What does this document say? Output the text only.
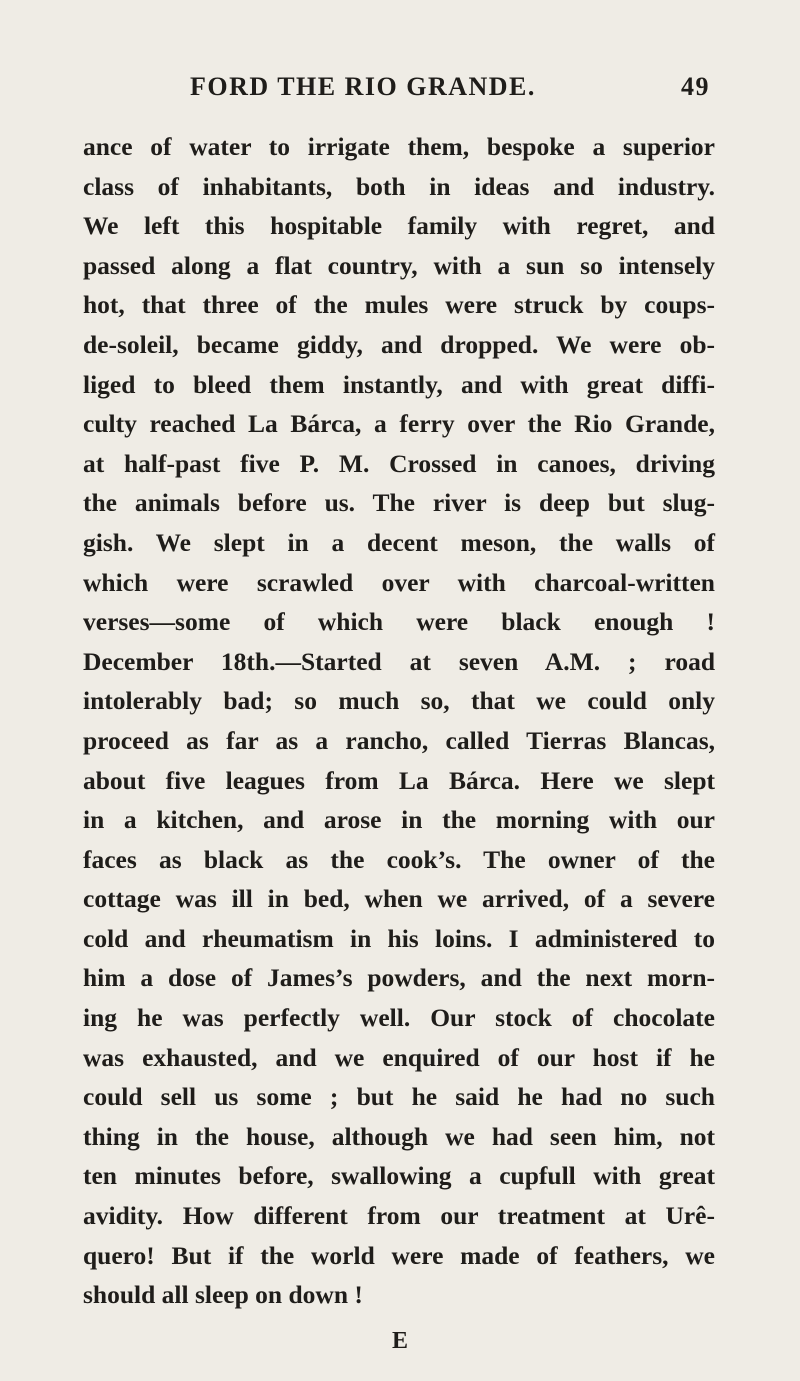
FORD THE RIO GRANDE.	49
ance of water to irrigate them, bespoke a superior
class of inhabitants, both in ideas and industry.
We left this hospitable family with regret, and
passed along a flat country, with a sun so intensely
hot, that three of the mules were struck by coups-
de-soleil, became giddy, and dropped. We were ob-
liged to bleed them instantly, and with great diffi-
culty reached La Bárca, a ferry over the Rio Grande,
at half-past five P. M. Crossed in canoes, driving
the animals before us. The river is deep but slug-
gish. We slept in a decent meson, the walls of
which were scrawled over with charcoal-written
verses—some of which were black enough !
December 18th.—Started at seven A.M. ; road
intolerably bad; so much so, that we could only
proceed as far as a rancho, called Tierras Blancas,
about five leagues from La Bárca. Here we slept
in a kitchen, and arose in the morning with our
faces as black as the cook’s. The owner of the
cottage was ill in bed, when we arrived, of a severe
cold and rheumatism in his loins. I administered to
him a dose of James’s powders, and the next morn-
ing he was perfectly well. Our stock of chocolate
was exhausted, and we enquired of our host if he
could sell us some ; but he said he had no such
thing in the house, although we had seen him, not
ten minutes before, swallowing a cupfull with great
avidity. How different from our treatment at Urê-
quero! But if the world were made of feathers, we
should all sleep on down !
E
